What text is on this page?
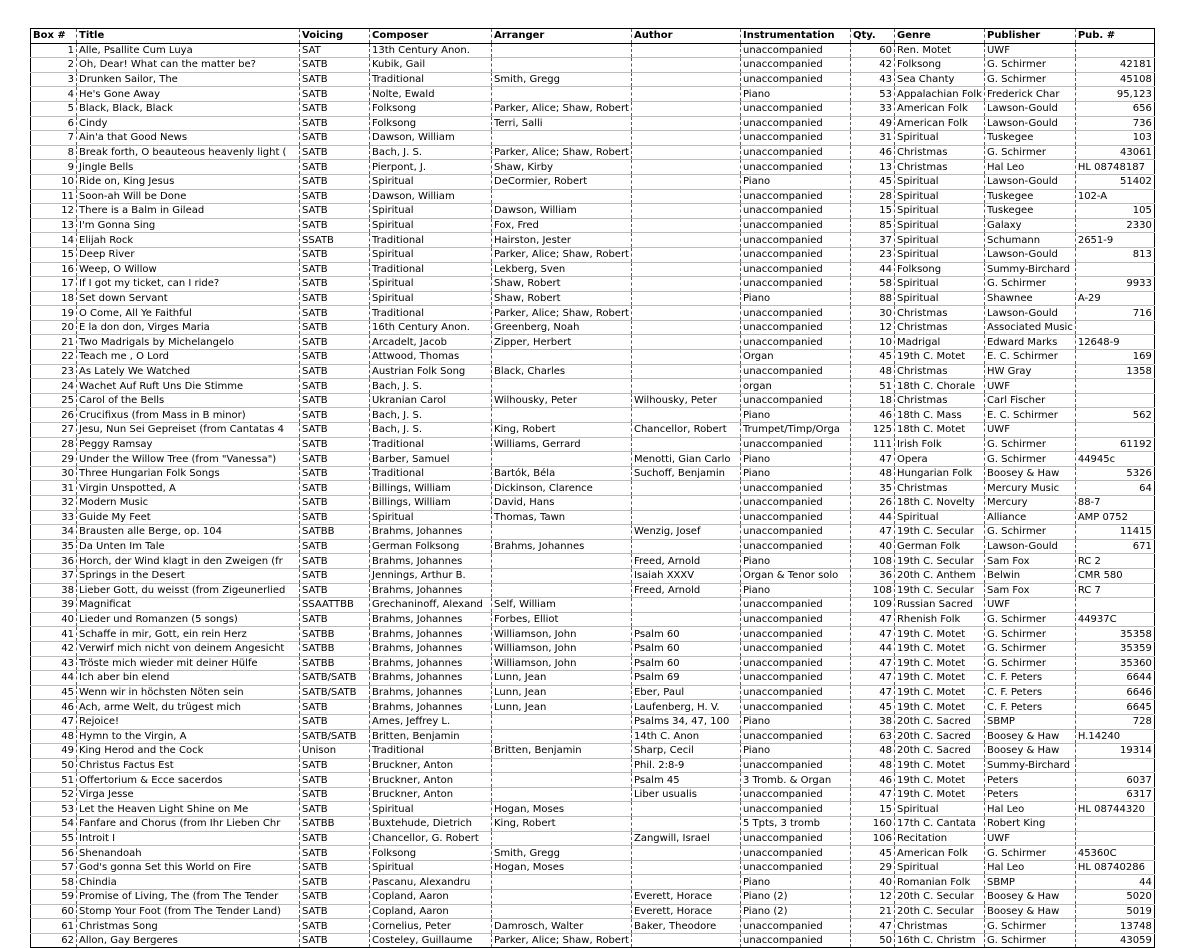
Box #	Title	Voicing	Composer	Arranger	Author	Instrumentation	Qty.	Genre	Publisher	Pub. #
1	Alle, Psallite Cum Luya	SAT	13th Century Anon.			unaccompanied	60	Ren. Motet	UWF	
2	Oh, Dear! What can the matter be?	SATB	Kubik, Gail			unaccompanied	42	Folksong	G. Schirmer	42181
3	Drunken Sailor, The	SATB	Traditional	Smith, Gregg		unaccompanied	43	Sea Chanty	G. Schirmer	45108
4	He's Gone Away	SATB	Nolte, Ewald			Piano	53	Appalachian Folk	Frederick Char	95,123
5	Black, Black, Black	SATB	Folksong	Parker, Alice; Shaw, Robert		unaccompanied	33	American Folk	Lawson-Gould	656
6	Cindy	SATB	Folksong	Terri, Salli		unaccompanied	49	American Folk	Lawson-Gould	736
7	Ain'a that Good News	SATB	Dawson, William			unaccompanied	31	Spiritual	Tuskegee	103
8	Break forth, O beauteous heavenly light (	SATB	Bach, J. S.	Parker, Alice; Shaw, Robert		unaccompanied	46	Christmas	G. Schirmer	43061
9	Jingle Bells	SATB	Pierpont, J.	Shaw, Kirby		unaccompanied	13	Christmas	Hal Leo	HL 08748187
10	Ride on, King Jesus	SATB	Spiritual	DeCormier, Robert		Piano	45	Spiritual	Lawson-Gould	51402
11	Soon-ah Will be Done	SATB	Dawson, William			unaccompanied	28	Spiritual	Tuskegee	102-A
12	There is a Balm in Gilead	SATB	Spiritual	Dawson, William		unaccompanied	15	Spiritual	Tuskegee	105
13	I'm Gonna Sing	SATB	Spiritual	Fox, Fred		unaccompanied	85	Spiritual	Galaxy	2330
14	Elijah Rock	SSATB	Traditional	Hairston, Jester		unaccompanied	37	Spiritual	Schumann	2651-9
15	Deep River	SATB	Spiritual	Parker, Alice; Shaw, Robert		unaccompanied	23	Spiritual	Lawson-Gould	813
16	Weep, O Willow	SATB	Traditional	Lekberg, Sven		unaccompanied	44	Folksong	Summy-Birchard	
17	If I got my ticket, can I ride?	SATB	Spiritual	Shaw, Robert		unaccompanied	58	Spiritual	G. Schirmer	9933
18	Set down Servant	SATB	Spiritual	Shaw, Robert		Piano	88	Spiritual	Shawnee	A-29
19	O Come, All Ye Faithful	SATB	Traditional	Parker, Alice; Shaw, Robert		unaccompanied	30	Christmas	Lawson-Gould	716
20	E la don don, Virges Maria	SATB	16th Century Anon.	Greenberg, Noah		unaccompanied	12	Christmas	Associated Music	
21	Two Madrigals by Michelangelo	SATB	Arcadelt, Jacob	Zipper, Herbert		unaccompanied	10	Madrigal	Edward Marks	12648-9
22	Teach me , O Lord	SATB	Attwood, Thomas			Organ	45	19th C. Motet	E. C. Schirmer	169
23	As Lately We Watched	SATB	Austrian Folk Song	Black, Charles		unaccompanied	48	Christmas	HW Gray	1358
24	Wachet Auf Ruft Uns Die Stimme	SATB	Bach, J. S.			organ	51	18th C. Chorale	UWF	
25	Carol of the Bells	SATB	Ukranian Carol	Wilhousky, Peter	Wilhousky, Peter	unaccompanied	18	Christmas	Carl Fischer	
26	Crucifixus (from Mass in B minor)	SATB	Bach, J. S.			Piano	46	18th C. Mass	E. C. Schirmer	562
27	Jesu, Nun Sei Gepreiset (from Cantatas 4	SATB	Bach, J. S.	King, Robert	Chancellor, Robert	Trumpet/Timp/Orga	125	18th C. Motet	UWF	
28	Peggy Ramsay	SATB	Traditional	Williams, Gerrard		unaccompanied	111	Irish Folk	G. Schirmer	61192
29	Under the Willow Tree (from "Vanessa")	SATB	Barber, Samuel		Menotti, Gian Carlo	Piano	47	Opera	G. Schirmer	44945c
30	Three Hungarian Folk Songs	SATB	Traditional	Bartók, Béla	Suchoff, Benjamin	Piano	48	Hungarian Folk	Boosey & Haw	5326
31	Virgin Unspotted, A	SATB	Billings, William	Dickinson, Clarence		unaccompanied	35	Christmas	Mercury Music	64
32	Modern Music	SATB	Billings, William	David, Hans		unaccompanied	26	18th C. Novelty	Mercury	88-7
33	Guide My Feet	SATB	Spiritual	Thomas, Tawn		unaccompanied	44	Spiritual	Alliance	AMP 0752
34	Brausten alle Berge, op. 104	SATBB	Brahms, Johannes		Wenzig, Josef	unaccompanied	47	19th C. Secular	G. Schirmer	11415
35	Da Unten Im Tale	SATB	German Folksong	Brahms, Johannes		unaccompanied	40	German Folk	Lawson-Gould	671
36	Horch, der Wind klagt in den Zweigen (fr	SATB	Brahms, Johannes		Freed, Arnold	Piano	108	19th C. Secular	Sam Fox	RC 2
37	Springs in the Desert	SATB	Jennings, Arthur B.		Isaiah XXXV	Organ & Tenor solo	36	20th C. Anthem	Belwin	CMR 580
38	Lieber Gott, du weisst (from Zigeunerlied	SATB	Brahms, Johannes		Freed, Arnold	Piano	108	19th C. Secular	Sam Fox	RC 7
39	Magnificat	SSAATTBB	Grechaninoff, Alexand	Self, William		unaccompanied	109	Russian Sacred	UWF	
40	Lieder und Romanzen (5 songs)	SATB	Brahms, Johannes	Forbes, Elliot		unaccompanied	47	Rhenish Folk	G. Schirmer	44937C
41	Schaffe in mir, Gott, ein rein Herz	SATBB	Brahms, Johannes	Williamson, John	Psalm 60	unaccompanied	47	19th C. Motet	G. Schirmer	35358
42	Verwirf mich nicht von deinem Angesicht	SATBB	Brahms, Johannes	Williamson, John	Psalm 60	unaccompanied	44	19th C. Motet	G. Schirmer	35359
43	Tröste mich wieder mit deiner Hülfe	SATBB	Brahms, Johannes	Williamson, John	Psalm 60	unaccompanied	47	19th C. Motet	G. Schirmer	35360
44	Ich aber bin elend	SATB/SATB	Brahms, Johannes	Lunn, Jean	Psalm 69	unaccompanied	47	19th C. Motet	C. F. Peters	6644
45	Wenn wir in höchsten Nöten sein	SATB/SATB	Brahms, Johannes	Lunn, Jean	Eber, Paul	unaccompanied	47	19th C. Motet	C. F. Peters	6646
46	Ach, arme Welt, du trügest mich	SATB	Brahms, Johannes	Lunn, Jean	Laufenberg, H. V.	unaccompanied	45	19th C. Motet	C. F. Peters	6645
47	Rejoice!	SATB	Ames, Jeffrey L.		Psalms 34, 47, 100	Piano	38	20th C. Sacred	SBMP	728
48	Hymn to the Virgin, A	SATB/SATB	Britten, Benjamin		14th C. Anon	unaccompanied	63	20th C. Sacred	Boosey & Haw	H.14240
49	King Herod and the Cock	Unison	Traditional	Britten, Benjamin	Sharp, Cecil	Piano	48	20th C. Sacred	Boosey & Haw	19314
50	Christus Factus Est	SATB	Bruckner, Anton		Phil. 2:8-9	unaccompanied	48	19th C. Motet	Summy-Birchard	
51	Offertorium & Ecce sacerdos	SATB	Bruckner, Anton		Psalm 45	3 Tromb. & Organ	46	19th C. Motet	Peters	6037
52	Virga Jesse	SATB	Bruckner, Anton		Liber usualis	unaccompanied	47	19th C. Motet	Peters	6317
53	Let the Heaven Light Shine on Me	SATB	Spiritual	Hogan, Moses		unaccompanied	15	Spiritual	Hal Leo	HL 08744320
54	Fanfare and Chorus (from Ihr Lieben Chr	SATBB	Buxtehude, Dietrich	King, Robert		5 Tpts, 3 tromb	160	17th C. Cantata	Robert King	
55	Introit I	SATB	Chancellor, G. Robert		Zangwill, Israel	unaccompanied	106	Recitation	UWF	
56	Shenandoah	SATB	Folksong	Smith, Gregg		unaccompanied	45	American Folk	G. Schirmer	45360C
57	God's gonna Set this World on Fire	SATB	Spiritual	Hogan, Moses		unaccompanied	29	Spiritual	Hal Leo	HL 08740286
58	Chindia	SATB	Pascanu, Alexandru			Piano	40	Romanian Folk	SBMP	44
59	Promise of Living, The (from The Tender	SATB	Copland, Aaron		Everett, Horace	Piano (2)	12	20th C. Secular	Boosey & Haw	5020
60	Stomp Your Foot (from The Tender Land)	SATB	Copland, Aaron		Everett, Horace	Piano (2)	21	20th C. Secular	Boosey & Haw	5019
61	Christmas Song	SATB	Cornelius, Peter	Damrosch, Walter	Baker, Theodore	unaccompanied	47	Christmas	G. Schirmer	13748
62	Allon, Gay Bergeres	SATB	Costeley, Guillaume	Parker, Alice; Shaw, Robert		unaccompanied	50	16th C. Christm	G. Schirmer	43059
